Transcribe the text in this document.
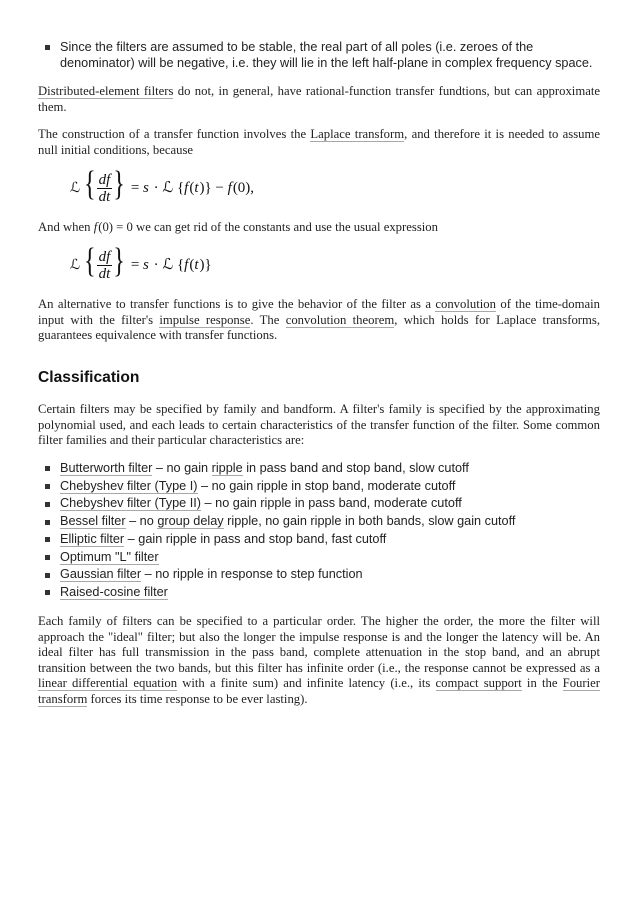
Since the filters are assumed to be stable, the real part of all poles (i.e. zeroes of the denominator) will be negative, i.e. they will lie in the left half-plane in complex frequency space.

Distributed-element filters do not, in general, have rational-function transfer fundtions, but can approximate them.

The construction of a transfer function involves the Laplace transform, and therefore it is needed to assume null initial conditions, because

ℒ { $\frac{df}{dt}$ } = s · ℒ {f(t)} − f(0),

And when f(0) = 0 we can get rid of the constants and use the usual expression

ℒ { $\frac{df}{dt}$ } = s · ℒ {f(t)}

An alternative to transfer functions is to give the behavior of the filter as a convolution of the time-domain input with the filter's impulse response. The convolution theorem, which holds for Laplace transforms, guarantees equivalence with transfer functions.

Classification

Certain filters may be specified by family and bandform. A filter's family is specified by the approximating polynomial used, and each leads to certain characteristics of the transfer function of the filter. Some common filter families and their particular characteristics are:

Butterworth filter – no gain ripple in pass band and stop band, slow cutoff
Chebyshev filter (Type I) – no gain ripple in stop band, moderate cutoff
Chebyshev filter (Type II) – no gain ripple in pass band, moderate cutoff
Bessel filter – no group delay ripple, no gain ripple in both bands, slow gain cutoff
Elliptic filter – gain ripple in pass and stop band, fast cutoff
Optimum "L" filter
Gaussian filter – no ripple in response to step function
Raised-cosine filter

Each family of filters can be specified to a particular order. The higher the order, the more the filter will approach the "ideal" filter; but also the longer the impulse response is and the longer the latency will be. An ideal filter has full transmission in the pass band, complete attenuation in the stop band, and an abrupt transition between the two bands, but this filter has infinite order (i.e., the response cannot be expressed as a linear differential equation with a finite sum) and infinite latency (i.e., its compact support in the Fourier transform forces its time response to be ever lasting).
